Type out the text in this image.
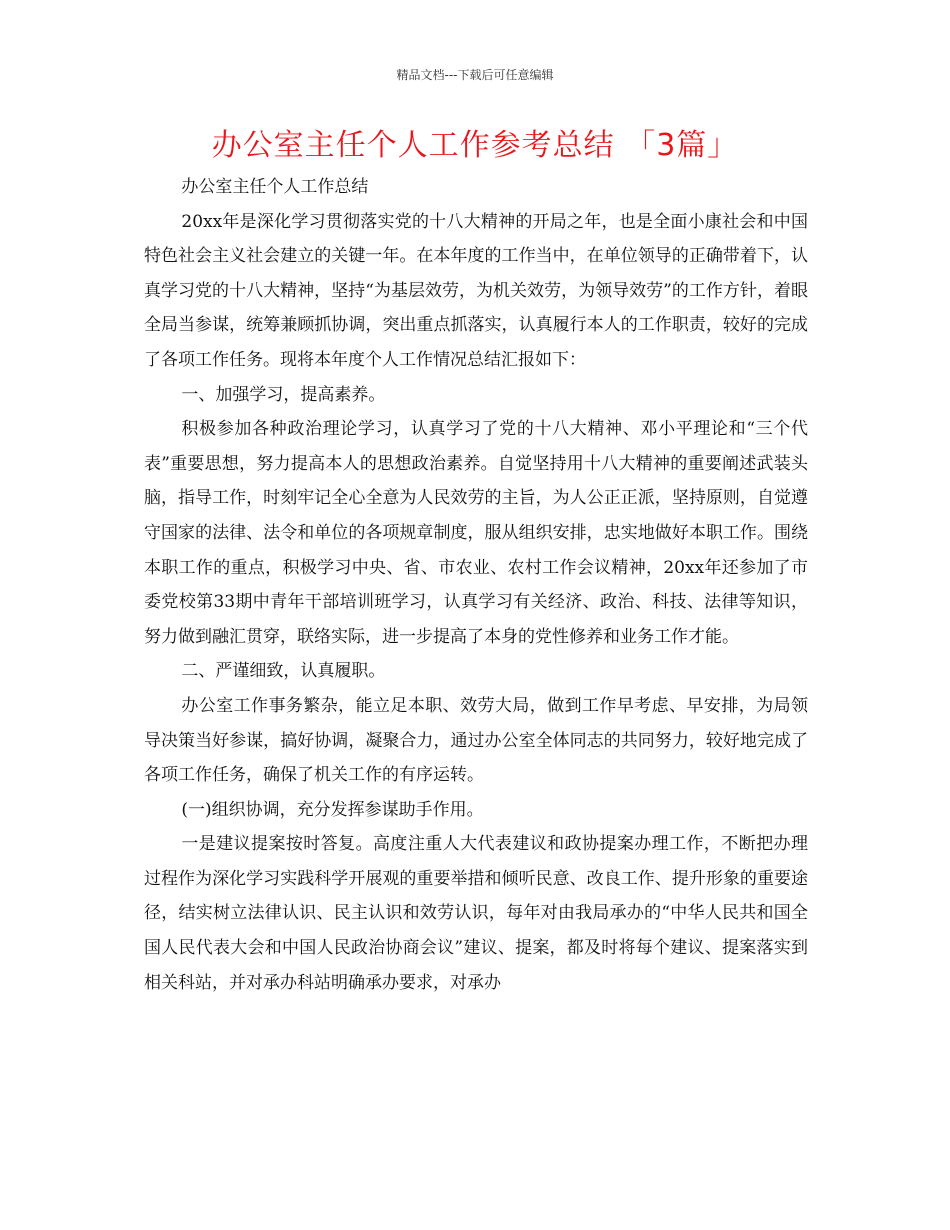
精品文档---下载后可任意编辑
办公室主任个人工作参考总结 「3篇」

办公室主任个人工作总结

20xx年是深化学习贯彻落实党的十八大精神的开局之年，也是全面小康社会和中国特色社会主义社会建立的关键一年。在本年度的工作当中，在单位领导的正确带着下，认真学习党的十八大精神，坚持“为基层效劳，为机关效劳，为领导效劳”的工作方针，着眼全局当参谋，统筹兼顾抓协调，突出重点抓落实，认真履行本人的工作职责，较好的完成了各项工作任务。现将本年度个人工作情况总结汇报如下：

一、加强学习，提高素养。

积极参加各种政治理论学习，认真学习了党的十八大精神、邓小平理论和“三个代表”重要思想，努力提高本人的思想政治素养。自觉坚持用十八大精神的重要阐述武装头脑，指导工作，时刻牢记全心全意为人民效劳的主旨，为人公正正派，坚持原则，自觉遵守国家的法律、法令和单位的各项规章制度，服从组织安排，忠实地做好本职工作。围绕本职工作的重点，积极学习中央、省、市农业、农村工作会议精神，20xx年还参加了市委党校第33期中青年干部培训班学习，认真学习有关经济、政治、科技、法律等知识，努力做到融汇贯穿，联络实际，进一步提高了本身的党性修养和业务工作才能。

二、严谨细致，认真履职。

办公室工作事务繁杂，能立足本职、效劳大局，做到工作早考虑、早安排，为局领导决策当好参谋，搞好协调，凝聚合力，通过办公室全体同志的共同努力，较好地完成了各项工作任务，确保了机关工作的有序运转。

(一)组织协调，充分发挥参谋助手作用。

一是建议提案按时答复。高度注重人大代表建议和政协提案办理工作，不断把办理过程作为深化学习实践科学开展观的重要举措和倾听民意、改良工作、提升形象的重要途径，结实树立法律认识、民主认识和效劳认识，每年对由我局承办的“中华人民共和国全国人民代表大会和中国人民政治协商会议”建议、提案，都及时将每个建议、提案落实到相关科站，并对承办科站明确承办要求，对承办
